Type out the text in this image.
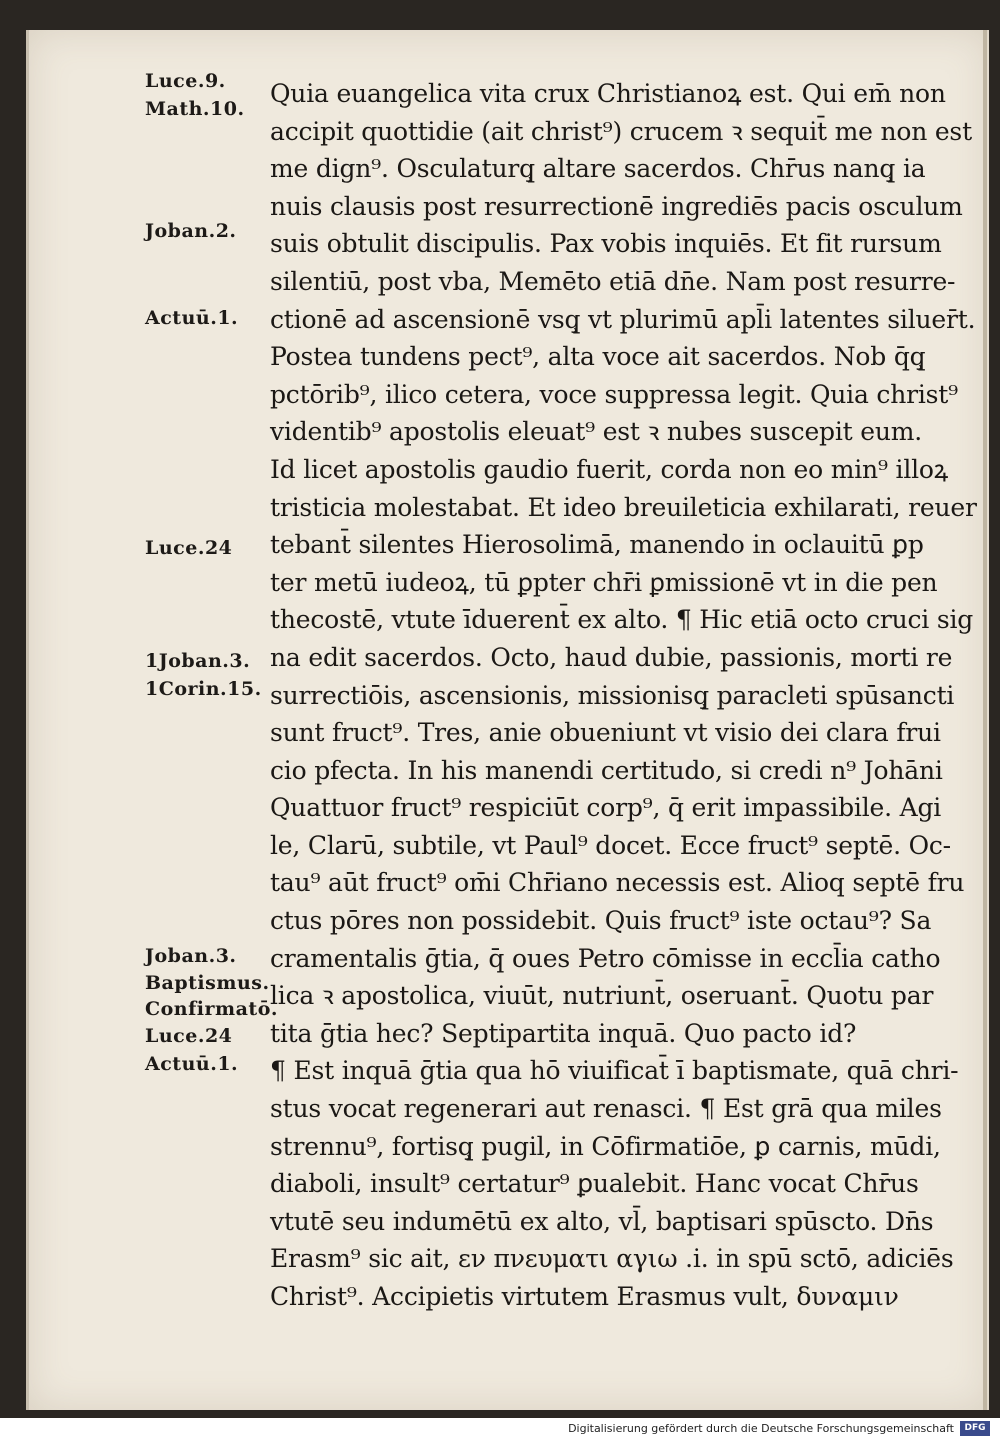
Luce.9.
Math.10.
Joban.2.
Actuū.1.
Luce.24
1Joban.3.
1Corin.15.
Joban.3.
Baptismus.
Confirmatō.
Luce.24
Actuū.1.
Quia euangelica vita crux Christianoꝝ est. Qui em̄ non
accipit quottidie (ait christ⁹) crucem ꝛ sequit̄ me non est
me dign⁹. Osculaturq̧ altare sacerdos. Chr̄us nanq̧ ia
nuis clausis post resurrectionē ingrediēs pacis osculum
suis obtulit discipulis. Pax vobis inquiēs. Et fit rursum
silentiū, post vba, Memēto etiā dn̄e. Nam post resurre-
ctionē ad ascensionē vsq̧ vt plurimū apl̄i latentes siluer̄t.
Postea tundens pect⁹, alta voce ait sacerdos. Nob q̄q̧
pctōrib⁹, ilico cetera, voce suppressa legit. Quia christ⁹
videntib⁹ apostolis eleuat⁹ est ꝛ nubes suscepit eum.
Id licet apostolis gaudio fuerit, corda non eo min⁹ illoꝝ
tristicia molestabat. Et ideo breuileticia exhilarati, reuer
tebant̄ silentes Hierosolimā, manendo in oclauitū ꝑp
ter metū iudeoꝝ, tū ꝑpter chr̄i ꝑmissionē vt in die pen
thecostē, vtute īduerent̄ ex alto. ¶ Hic etiā octo cruci sig
na edit sacerdos. Octo, haud dubie, passionis, morti re
surrectiōis, ascensionis, missionisq̧ paracleti spūsancti
sunt fruct⁹. Tres, anie obueniunt vt visio dei clara frui
cio pfecta. In his manendi certitudo, si credi n⁹ Johāni
Quattuor fruct⁹ respiciūt corp⁹, q̄ erit impassibile. Agi
le, Clarū, subtile, vt Paul⁹ docet. Ecce fruct⁹ septē. Oc-
tau⁹ aūt fruct⁹ om̄i Chr̄iano necessis est. Alioq septē fru
ctus pōres non possidebit. Quis fruct⁹ iste octau⁹? Sa
cramentalis ḡtia, q̄ oues Petro cōmisse in eccl̄ia catho
lica ꝛ apostolica, viuūt, nutriunt̄, oseruant̄. Quotu par
tita ḡtia hec? Septipartita inquā. Quo pacto id?
¶ Est inquā ḡtia qua hō viuificat̄ ī baptismate, quā chri-
stus vocat regenerari aut renasci. ¶ Est grā qua miles
strennu⁹, fortisq̧ pugil, in Cōfirmatiōe, ꝑ carnis, mūdi,
diaboli, insult⁹ certatur⁹ ꝑualebit. Hanc vocat Chr̄us
vtutē seu indumētū ex alto, vl̄, baptisari spūscto. Dn̄s
Erasm⁹ sic ait, εν πνευματι αγιω .i. in spū sctō, adiciēs
Christ⁹. Accipietis virtutem Erasmus vult, δυναμιν
Digitalisierung gefördert durch die Deutsche Forschungsgemeinschaft	DFG
